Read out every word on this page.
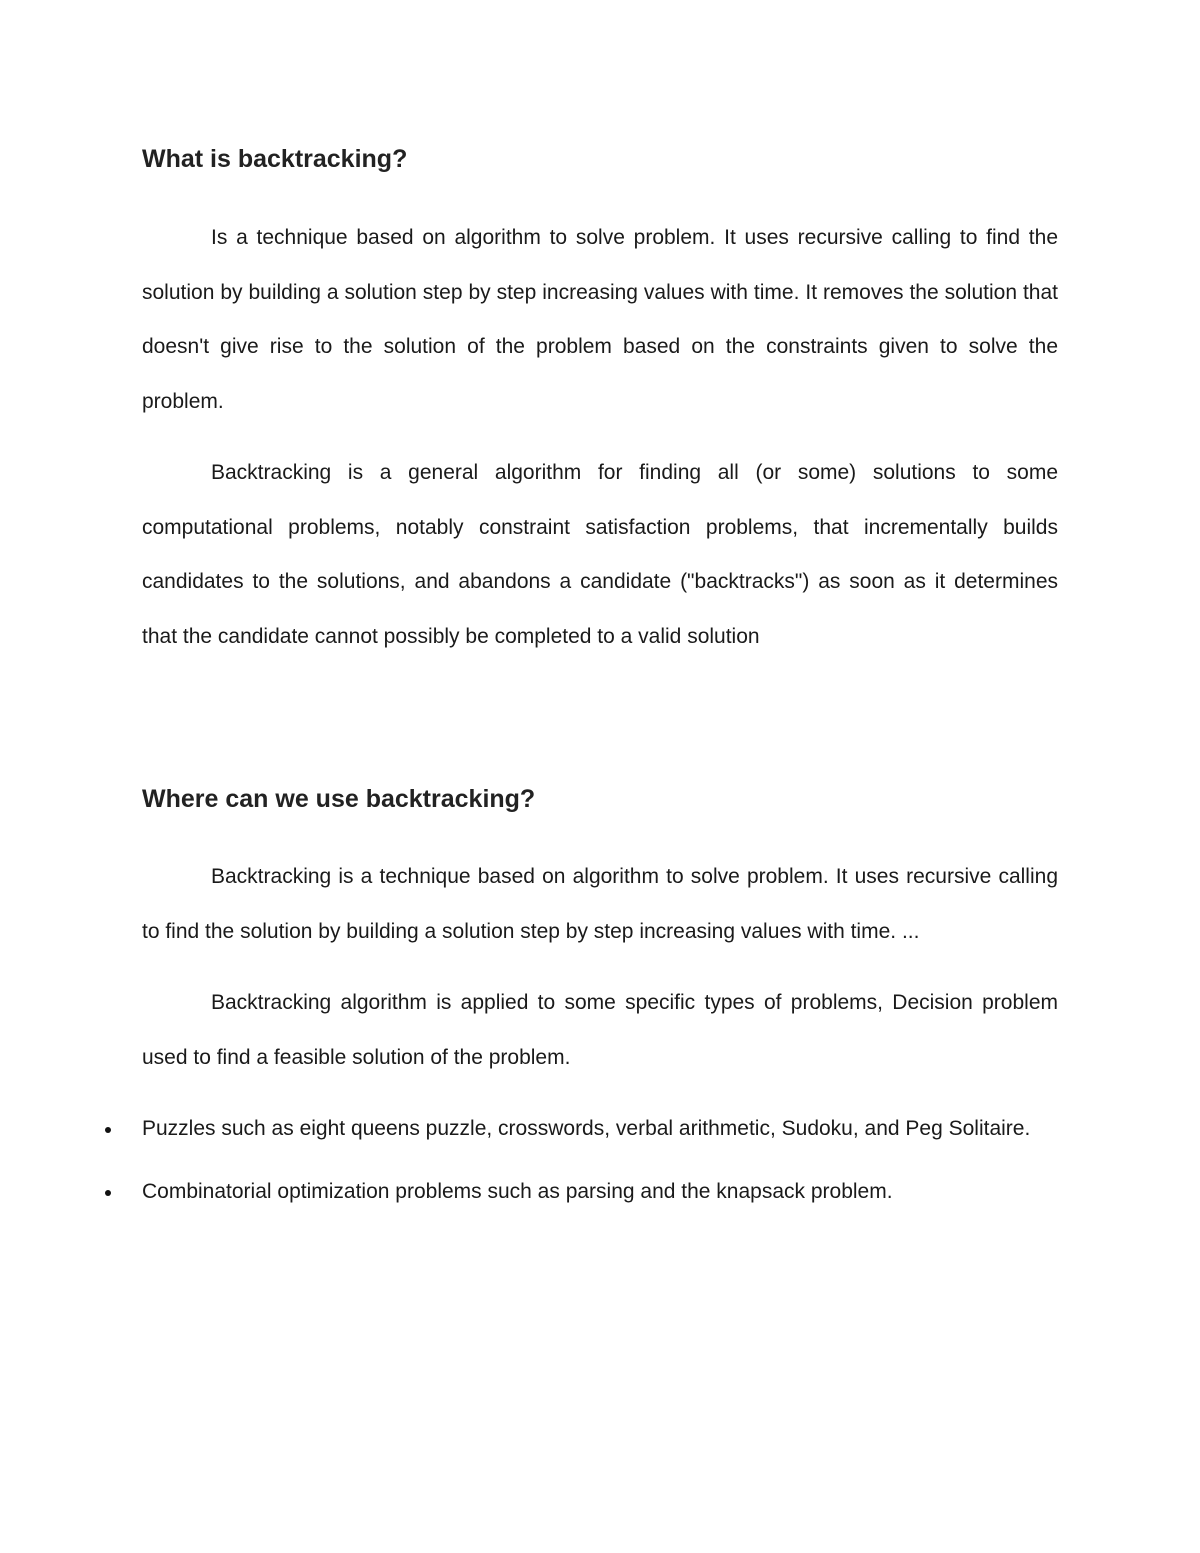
What is backtracking?

Is a technique based on algorithm to solve problem. It uses recursive calling to find the solution by building a solution step by step increasing values with time. It removes the solution that doesn't give rise to the solution of the problem based on the constraints given to solve the problem.

Backtracking is a general algorithm for finding all (or some) solutions to some computational problems, notably constraint satisfaction problems, that incrementally builds candidates to the solutions, and abandons a candidate ("backtracks") as soon as it determines that the candidate cannot possibly be completed to a valid solution

Where can we use backtracking?

Backtracking is a technique based on algorithm to solve problem. It uses recursive calling to find the solution by building a solution step by step increasing values with time. ...

Backtracking algorithm is applied to some specific types of problems, Decision problem used to find a feasible solution of the problem.

Puzzles such as eight queens puzzle, crosswords, verbal arithmetic, Sudoku, and Peg Solitaire.
Combinatorial optimization problems such as parsing and the knapsack problem.
